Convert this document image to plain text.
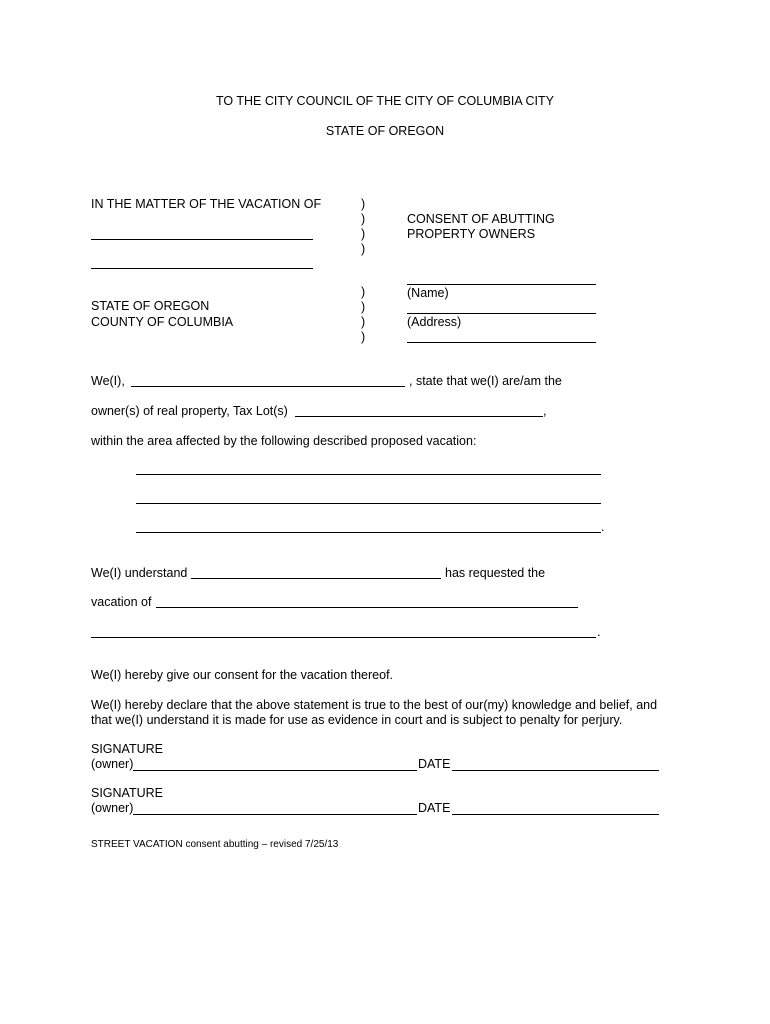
TO THE CITY COUNCIL OF THE CITY OF COLUMBIA CITY
STATE OF OREGON
IN THE MATTER OF THE VACATION OF	)
)
)
)
CONSENT OF ABUTTING
PROPERTY OWNERS
(Name)
(Address)
)
)
)
)
STATE OF OREGON
COUNTY OF COLUMBIA
We(I),	, state that we(I) are/am the
owner(s) of real property, Tax Lot(s)	,
within the area affected by the following described proposed vacation:
.
We(I) understand	has requested the
vacation of
.
We(I) hereby give our consent for the vacation thereof.
We(I) hereby declare that the above statement is true to the best of our(my) knowledge and belief, and
that we(I) understand it is made for use as evidence in court and is subject to penalty for perjury.
SIGNATURE
(owner)	DATE
SIGNATURE
(owner)	DATE
STREET VACATION consent abutting – revised 7/25/13
